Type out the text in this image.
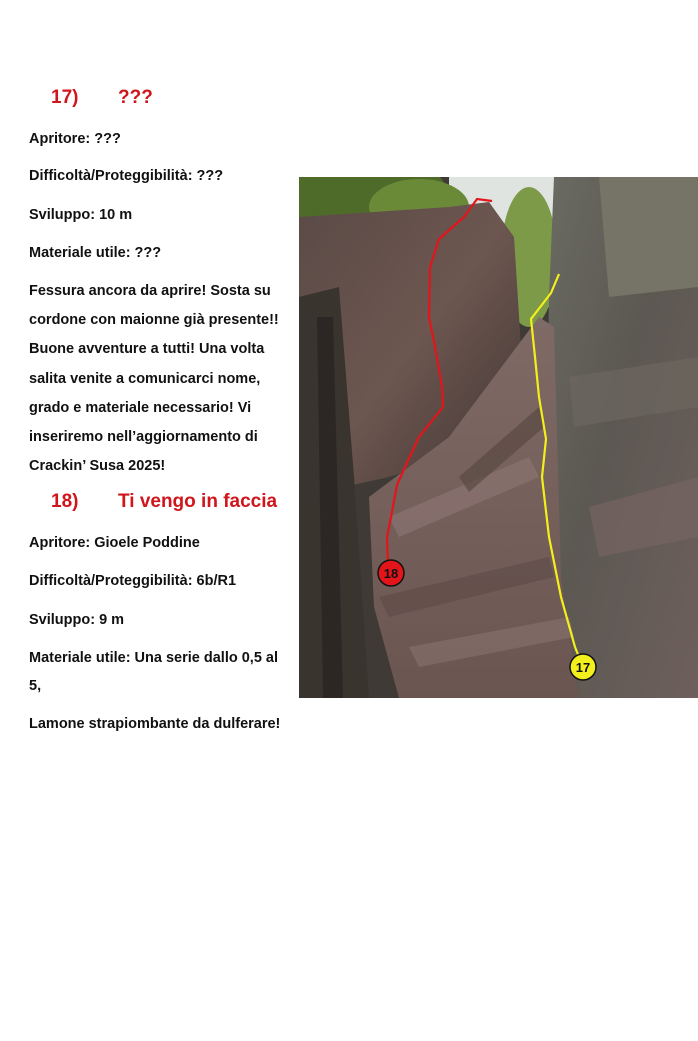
17) ???
Apritore: ???
Difficoltà/Proteggibilità: ???
Sviluppo: 10 m
Materiale utile: ???
Fessura ancora da aprire! Sosta su
cordone con maionne già presente!!
Buone avventure a tutti! Una volta
salita venite a comunicarci nome,
grado e materiale necessario! Vi
inseriremo nell’aggiornamento di
Crackin’ Susa 2025!
18) Ti vengo in faccia
Apritore: Gioele Poddine
Difficoltà/Proteggibilità: 6b/R1
Sviluppo: 9 m
Materiale utile: Una serie dallo 0,5 al
5,
Lamone strapiombante da dulferare!
18
17
